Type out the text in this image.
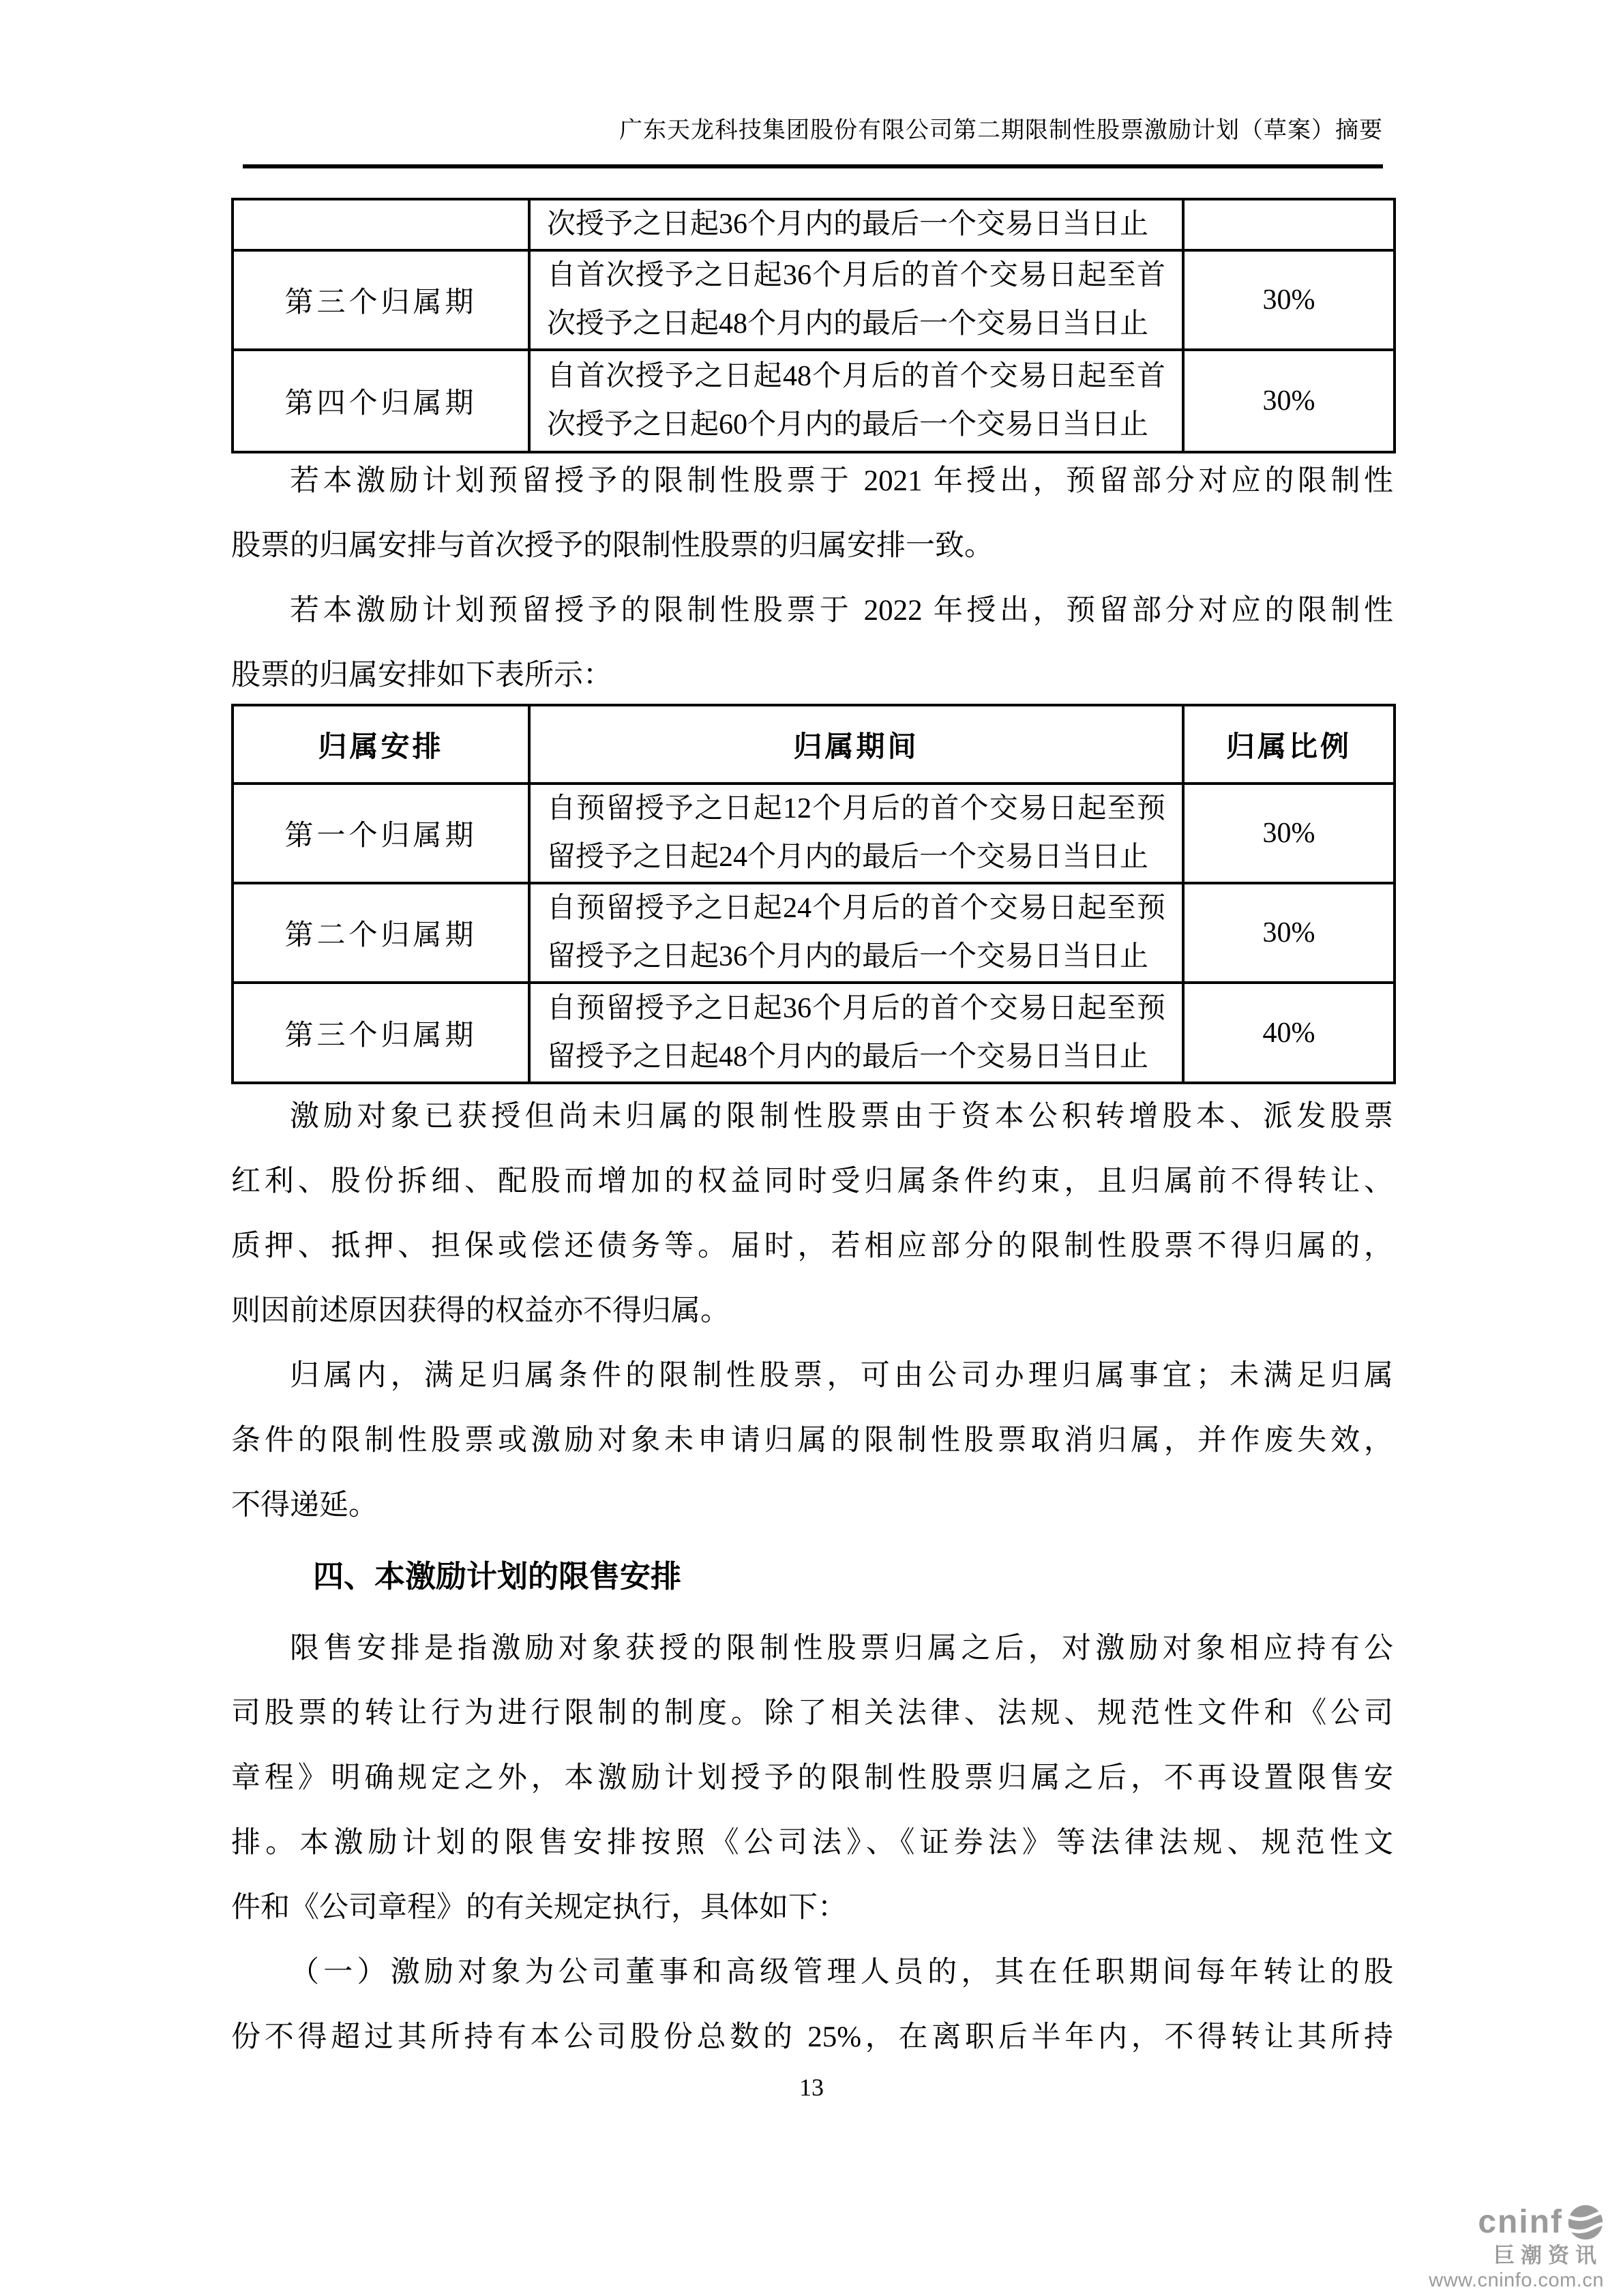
广东天龙科技集团股份有限公司第二期限制性股票激励计划（草案）摘要
	次授予之日起36个月内的最后一个交易日当日止	
第三个归属期	自首次授予之日起36个月后的首个交易日起至首次授予之日起48个月内的最后一个交易日当日止	30%
第四个归属期	自首次授予之日起48个月后的首个交易日起至首次授予之日起60个月内的最后一个交易日当日止	30%
若本激励计划预留授予的限制性股票于 2021 年授出，预留部分对应的限制性
股票的归属安排与首次授予的限制性股票的归属安排一致。
若本激励计划预留授予的限制性股票于 2022 年授出，预留部分对应的限制性
股票的归属安排如下表所示：
归属安排	归属期间	归属比例
第一个归属期	自预留授予之日起12个月后的首个交易日起至预留授予之日起24个月内的最后一个交易日当日止	30%
第二个归属期	自预留授予之日起24个月后的首个交易日起至预留授予之日起36个月内的最后一个交易日当日止	30%
第三个归属期	自预留授予之日起36个月后的首个交易日起至预留授予之日起48个月内的最后一个交易日当日止	40%
激励对象已获授但尚未归属的限制性股票由于资本公积转增股本、派发股票
红利、股份拆细、配股而增加的权益同时受归属条件约束，且归属前不得转让、
质押、抵押、担保或偿还债务等。届时，若相应部分的限制性股票不得归属的，
则因前述原因获得的权益亦不得归属。
归属内，满足归属条件的限制性股票，可由公司办理归属事宜；未满足归属
条件的限制性股票或激励对象未申请归属的限制性股票取消归属，并作废失效，
不得递延。
四、本激励计划的限售安排
限售安排是指激励对象获授的限制性股票归属之后，对激励对象相应持有公
司股票的转让行为进行限制的制度。除了相关法律、法规、规范性文件和《公司
章程》明确规定之外，本激励计划授予的限制性股票归属之后，不再设置限售安
排。本激励计划的限售安排按照《公司法》、《证券法》等法律法规、规范性文
件和《公司章程》的有关规定执行，具体如下：
（一）激励对象为公司董事和高级管理人员的，其在任职期间每年转让的股
份不得超过其所持有本公司股份总数的 25%，在离职后半年内，不得转让其所持
13
cninf
巨潮资讯
www.cninfo.com.cn
